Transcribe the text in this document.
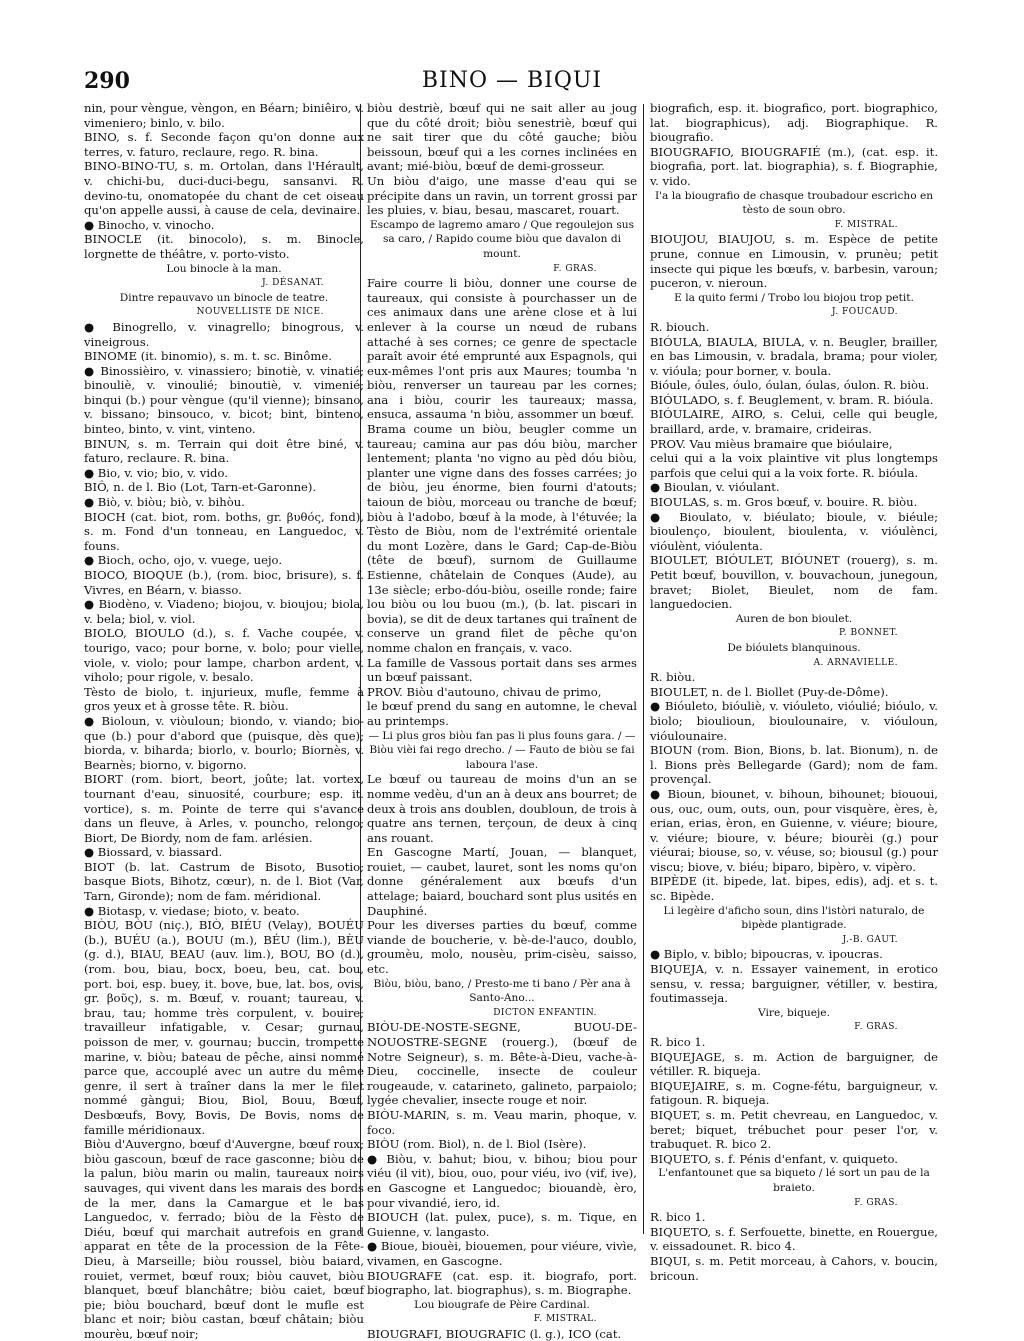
290	BINO — BIQUI

nin, pour vèngue, vèngon, en Béarn; biniêiro, v. vimeniero; binlo, v. bilo.

BINO, s. f. Seconde façon qu'on donne aux terres, v. faturo, reclaure, rego. R. bina.

BINO-BINO-TU, s. m. Ortolan, dans l'Hérault, v. chichi-bu, duci-duci-begu, sansanvi. R. devino-tu, onomatopée du chant de cet oiseau qu'on appelle aussi, à cause de cela, devinaire.

● Binocho, v. vinocho.

BINOCLE (it. binocolo), s. m. Binocle, lorgnette de théâtre, v. porto-visto.

Lou binocle à la man.

J. DÉSANAT.

Dintre repauvavo un binocle de teatre.

NOUVELLISTE DE NICE.

● Binogrello, v. vinagrello; binogrous, v. vineigrous.

BINOME (it. binomio), s. m. t. sc. Binôme.

● Binossièiro, v. vinassiero; binotiè, v. vinatié; binouliè, v. vinoulié; binoutiè, v. vimenié; binqui (b.) pour vèngue (qu'il vienne); binsano, v. bissano; binsouco, v. bicot; bint, binteno, binteo, binto, v. vint, vinteno.

BINUN, s. m. Terrain qui doit être biné, v. faturo, reclaure. R. bina.

● Bio, v. vio; bio, v. vido.

BIÔ, n. de l. Bio (Lot, Tarn-et-Garonne).

● Biò, v. biòu; biò, v. bihòu.

BIOCH (cat. biot, rom. boths, gr. βυθός, fond), s. m. Fond d'un tonneau, en Languedoc, v. founs.

● Bioch, ocho, ojo, v. vuege, uejo.

BIOCO, BIOQUE (b.), (rom. bioc, brisure), s. f. Vivres, en Béarn, v. biasso.

● Biodèno, v. Viadeno; biojou, v. bioujou; biola, v. bela; biol, v. viol.

BIOLO, BIOULO (d.), s. f. Vache coupée, v. tourigo, vaco; pour borne, v. bolo; pour vielle, viole, v. violo; pour lampe, charbon ardent, v. viholo; pour rigole, v. besalo.

Tèsto de biolo, t. injurieux, mufle, femme à gros yeux et à grosse tête. R. biòu.

● Bioloun, v. viòuloun; biondo, v. viando; bio-que (b.) pour d'abord que (puisque, dès que); biorda, v. biharda; biorlo, v. bourlo; Biornès, v. Bearnès; biorno, v. bigorno.

BIORT (rom. biort, beort, joûte; lat. vortex, tournant d'eau, sinuosité, courbure; esp. it. vortice), s. m. Pointe de terre qui s'avance dans un fleuve, à Arles, v. pouncho, relongo; Biort, De Biordy, nom de fam. arlésien.

● Biossard, v. biassard.

BIOT (b. lat. Castrum de Bisoto, Busotio; basque Biots, Bihotz, cœur), n. de l. Biot (Var, Tarn, Gironde); nom de fam. méridional.

● Biotasp, v. viedase; bioto, v. beato.

BIÒU, BÒU (niç.), BIÒ, BIÉU (Velay), BOUÉU (b.), BUÉU (a.), BOUU (m.), BÉU (lim.), BÈU (g. d.), BIAU, BEAU (auv. lim.), BOU, BO (d.), (rom. bou, biau, bocx, boeu, beu, cat. bou, port. boi, esp. buey, it. bove, bue, lat. bos, ovis, gr. βοῦς), s. m. Bœuf, v. rouant; taureau, v. brau, tau; homme très corpulent, v. bouire; travailleur infatigable, v. Cesar; gurnau, poisson de mer, v. gournau; buccin, trompette marine, v. biòu; bateau de pêche, ainsi nommé parce que, accouplé avec un autre du même genre, il sert à traîner dans la mer le filet nommé gàngui; Biou, Biol, Bouu, Bœuf, Desbœufs, Bovy, Bovis, De Bovis, noms de famille méridionaux.

Biòu d'Auvergno, bœuf d'Auvergne, bœuf roux; biòu gascoun, bœuf de race gasconne; biòu de la palun, biòu marin ou malin, taureaux noirs sauvages, qui vivent dans les marais des bords de la mer, dans la Camargue et le bas Languedoc, v. ferrado; biòu de la Fèsto de Diéu, bœuf qui marchait autrefois en grand apparat en tête de la procession de la Fête-Dieu, à Marseille; biòu roussel, biòu baiard, rouiet, vermet, bœuf roux; biòu cauvet, biòu blanquet, bœuf blanchâtre; biòu caiet, bœuf pie; biòu bouchard, bœuf dont le mufle est blanc et noir; biòu castan, bœuf châtain; biòu mourèu, bœuf noir;

biòu destriè, bœuf qui ne sait aller au joug que du côté droit; biòu senestriè, bœuf qui ne sait tirer que du côté gauche; biòu beissoun, bœuf qui a les cornes inclinées en avant; mié-biòu, bœuf de demi-grosseur.

Un biòu d'aigo, une masse d'eau qui se précipite dans un ravin, un torrent grossi par les pluies, v. biau, besau, mascaret, rouart.

Escampo de lagremo amaro / Que regoulejon sus sa caro, / Rapido coume biòu que davalon di mount.

F. GRAS.

Faire courre li biòu, donner une course de taureaux, qui consiste à pourchasser un de ces animaux dans une arène close et à lui enlever à la course un nœud de rubans attaché à ses cornes; ce genre de spectacle paraît avoir été emprunté aux Espagnols, qui eux-mêmes l'ont pris aux Maures; toumba 'n biòu, renverser un taureau par les cornes; ana i biòu, courir les taureaux; massa, ensuca, assauma 'n biòu, assommer un bœuf.

Brama coume un biòu, beugler comme un taureau; camina aur pas dóu biòu, marcher lentement; planta 'no vigno au pèd dóu biòu, planter une vigne dans des fosses carrées; jo de biòu, jeu énorme, bien fourni d'atouts; taioun de biòu, morceau ou tranche de bœuf; biòu à l'adobo, bœuf à la mode, à l'étuvée; la Tèsto de Biòu, nom de l'extrémité orientale du mont Lozère, dans le Gard; Cap-de-Biòu (tête de bœuf), surnom de Guillaume Estienne, châtelain de Conques (Aude), au 13e siècle; erbo-dóu-biòu, oseille ronde; faire lou biòu ou lou buou (m.), (b. lat. piscari in bovia), se dit de deux tartanes qui traînent de conserve un grand filet de pêche qu'on nomme chalon en français, v. vaco.

La famille de Vassous portait dans ses armes un bœuf paissant.

PROV. Biòu d'autouno, chivau de primo,

le bœuf prend du sang en automne, le cheval au printemps.

— Li plus gros biòu fan pas li plus founs gara. / — Biòu vièi fai rego drecho. / — Fauto de biòu se fai laboura l'ase.

Le bœuf ou taureau de moins d'un an se nomme vedèu, d'un an à deux ans bourret; de deux à trois ans doublen, doubloun, de trois à quatre ans ternen, terçoun, de deux à cinq ans rouant.

En Gascogne Martí, Jouan, — blanquet, rouiet, — caubet, lauret, sont les noms qu'on donne généralement aux bœufs d'un attelage; baiard, bouchard sont plus usités en Dauphiné.

Pour les diverses parties du bœuf, comme viande de boucherie, v. bè-de-l'auco, doublo, groumèu, molo, nousèu, prim-cisèu, saisso, etc.

Biòu, biòu, bano, / Presto-me ti bano / Pèr ana à Santo-Ano...

DICTON ENFANTIN.

BIÒU-DE-NOSTE-SEGNE, BUOU-DE-NOUOSTRE-SEGNE (rouerg.), (bœuf de Notre Seigneur), s. m. Bête-à-Dieu, vache-à-Dieu, coccinelle, insecte de couleur rougeaude, v. catarineto, galineto, parpaiolo; lygée chevalier, insecte rouge et noir.

BIÒU-MARIN, s. m. Veau marin, phoque, v. foco.

BIÒU (rom. Biol), n. de l. Biol (Isère).

● Biòu, v. bahut; biou, v. bihou; biou pour viéu (il vit), biou, ouo, pour viéu, ivo (vif, ive), en Gascogne et Languedoc; biouandè, èro, pour vivandié, iero, id.

BIOUCH (lat. pulex, puce), s. m. Tique, en Guienne, v. langasto.

● Bioue, biouèi, biouemen, pour viéure, vivìe, vivamen, en Gascogne.

BIOUGRAFE (cat. esp. it. biografo, port. biographo, lat. biographus), s. m. Biographe.

Lou biougrafe de Pèire Cardinal.

F. MISTRAL.

BIOUGRAFI, BIOUGRAFIC (l. g.), ICO (cat.

biografich, esp. it. biografico, port. biographico, lat. biographicus), adj. Biographique. R. biougrafio.

BIOUGRAFIO, BIOUGRAFIÉ (m.), (cat. esp. it. biografia, port. lat. biographia), s. f. Biographie, v. vido.

I'a la biougrafio de chasque troubadour escricho en tèsto de soun obro.

F. MISTRAL.

BIOUJOU, BIAUJOU, s. m. Espèce de petite prune, connue en Limousin, v. prunèu; petit insecte qui pique les bœufs, v. barbesin, varoun; puceron, v. nieroun.

E la quito fermi / Trobo lou biojou trop petit.

J. FOUCAUD.

R. biouch.

BIÓULA, BIAULA, BIULA, v. n. Beugler, brailler, en bas Limousin, v. bradala, brama; pour violer, v. vióula; pour borner, v. boula.

Bióule, óules, óulo, óulan, óulas, óulon. R. biòu.

BIÓULADO, s. f. Beuglement, v. bram. R. bióula.

BIÓULAIRE, AIRO, s. Celui, celle qui beugle, braillard, arde, v. bramaire, crideiras.

PROV. Vau mièus bramaire que bióulaire,

celui qui a la voix plaintive vit plus longtemps parfois que celui qui a la voix forte. R. bióula.

● Bioulan, v. vióulant.

BIOULAS, s. m. Gros bœuf, v. bouire. R. biòu.

● Bioulato, v. biéulato; bioule, v. biéule; bioulenço, bioulent, bioulenta, v. vióulènci, vióulènt, vióulenta.

BIOULET, BIÓULET, BIÓUNET (rouerg), s. m. Petit bœuf, bouvillon, v. bouvachoun, junegoun, bravet; Biolet, Bieulet, nom de fam. languedocien.

Auren de bon bioulet.

P. BONNET.

De bióulets blanquinous.

A. ARNAVIELLE.

R. biòu.

BIOULET, n. de l. Biollet (Puy-de-Dôme).

● Bióuleto, bióuliè, v. vióuleto, vióulié; bióulo, v. biolo; bioulioun, bioulounaire, v. vióuloun, vióulounaire.

BIOUN (rom. Bion, Bions, b. lat. Bionum), n. de l. Bions près Bellegarde (Gard); nom de fam. provençal.

● Bioun, biounet, v. bihoun, bihounet; biououi, ous, ouc, oum, outs, oun, pour visquère, ères, è, erian, erias, èron, en Guienne, v. viéure; bioure, v. viéure; bioure, v. béure; biourèi (g.) pour viéurai; biouse, so, v. véuse, so; biousul (g.) pour viscu; biove, v. biéu; biparo, bipèro, v. vipèro.

BIPÈDE (it. bipede, lat. bipes, edis), adj. et s. t. sc. Bipède.

Li legèire d'aficho soun, dins l'istòri naturalo, de bipède plantigrade.

J.-B. GAUT.

● Biplo, v. biblo; bipoucras, v. ipoucras.

BIQUEJA, v. n. Essayer vainement, in erotico sensu, v. ressa; barguigner, vétiller, v. bestira, foutimasseja.

Vire, biqueje.

F. GRAS.

R. bico 1.

BIQUEJAGE, s. m. Action de barguigner, de vétiller. R. biqueja.

BIQUEJAIRE, s. m. Cogne-fétu, barguigneur, v. fatigoun. R. biqueja.

BIQUET, s. m. Petit chevreau, en Languedoc, v. beret; biquet, trébuchet pour peser l'or, v. trabuquet. R. bico 2.

BIQUETO, s. f. Pénis d'enfant, v. quiqueto.

L'enfantounet que sa biqueto / lé sort un pau de la braieto.

F. GRAS.

R. bico 1.

BIQUETO, s. f. Serfouette, binette, en Rouergue, v. eissadounet. R. bico 4.

BIQUI, s. m. Petit morceau, à Cahors, v. boucin, bricoun.
